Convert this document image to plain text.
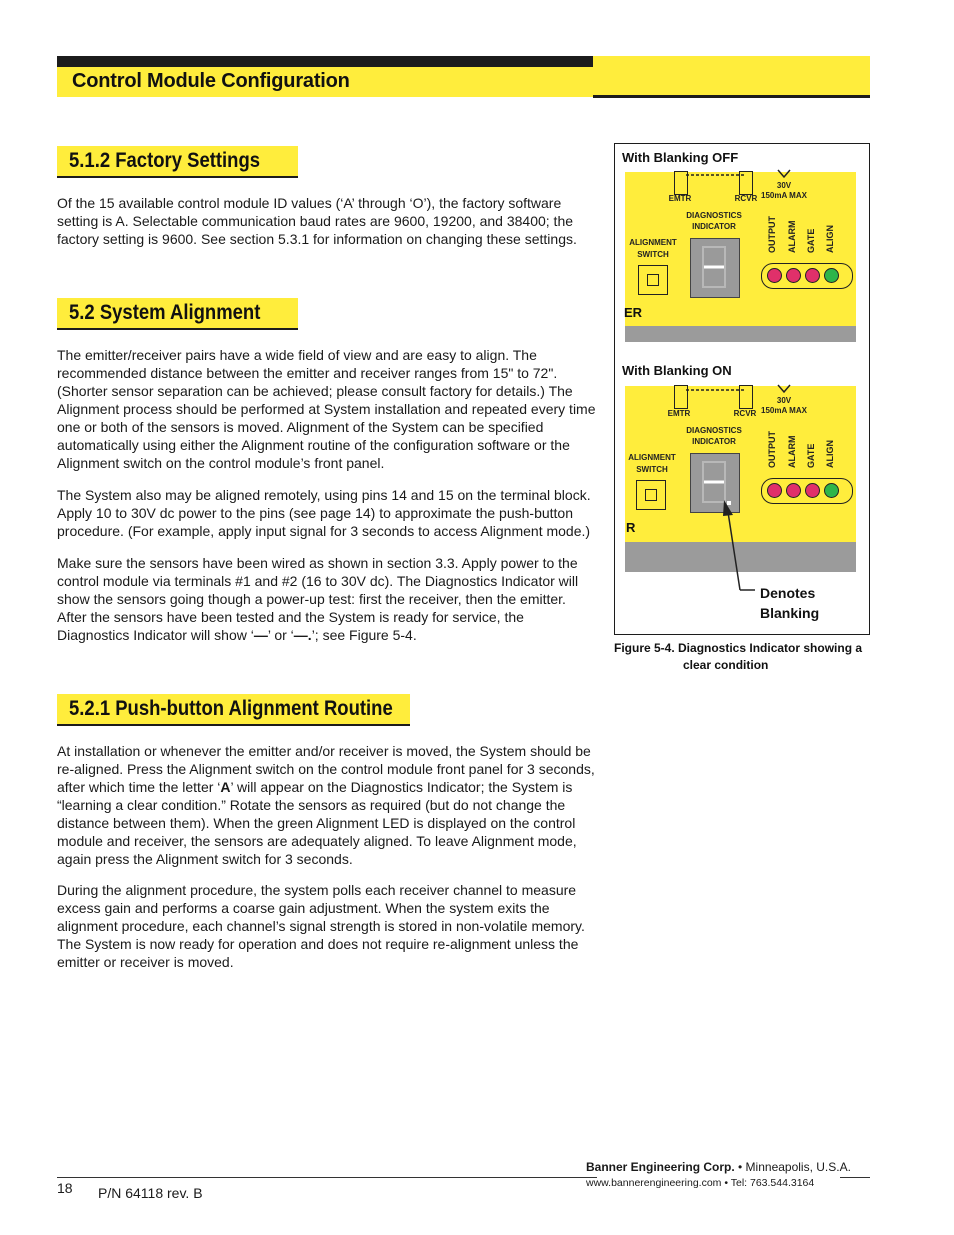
Control Module Configuration
5.1.2 Factory Settings
Of the 15 available control module ID values (‘A’ through ‘O’), the factory software setting is A. Selectable communication baud rates are 9600, 19200, and 38400; the factory setting is 9600. See section 5.3.1 for information on changing these settings.
5.2 System Alignment
The emitter/receiver pairs have a wide field of view and are easy to align. The recommended distance between the emitter and receiver ranges from 15" to 72". (Shorter sensor separation can be achieved; please consult factory for details.) The Alignment process should be performed at System installation and repeated every time one or both of the sensors is moved. Alignment of the System can be specified automatically using either the Alignment routine of the configuration software or the Alignment switch on the control module’s front panel.
The System also may be aligned remotely, using pins 14 and 15 on the terminal block. Apply 10 to 30V dc power to the pins (see page 14) to approximate the push-button procedure. (For example, apply input signal for 3 seconds to access Alignment mode.)
Make sure the sensors have been wired as shown in section 3.3. Apply power to the control module via terminals #1 and #2 (16 to 30V dc). The Diagnostics Indicator will show the sensors going though a power-up test: first the receiver, then the emitter. After the sensors have been tested and the System is ready for service, the Diagnostics Indicator will show ‘—’ or ‘—.’; see Figure 5-4.
5.2.1 Push-button Alignment Routine
At installation or whenever the emitter and/or receiver is moved, the System should be re-aligned. Press the Alignment switch on the control module front panel for 3 seconds, after which time the letter ‘A’ will appear on the Diagnostics Indicator; the System is “learning a clear condition.” Rotate the sensors as required (but do not change the distance between them). When the green Alignment LED is displayed on the control module and receiver, the sensors are adequately aligned. To leave Alignment mode, again press the Alignment switch for 3 seconds.
During the alignment procedure, the system polls each receiver channel to measure excess gain and performs a coarse gain adjustment. When the system exits the alignment procedure, each channel’s signal strength is stored in non-volatile memory. The System is now ready for operation and does not require re-alignment unless the emitter or receiver is moved.
With Blanking OFF
EMTR	RCVR
30V
150mA MAX
DIAGNOSTICS
INDICATOR
ALIGNMENT
SWITCH
OUTPUT ALARM GATE ALIGN
ER
With Blanking ON
EMTR	RCVR
30V
150mA MAX
DIAGNOSTICS
INDICATOR
ALIGNMENT
SWITCH
OUTPUT ALARM GATE ALIGN
R
Denotes
Blanking
Figure 5-4. Diagnostics Indicator showing a
clear condition
18 P/N 64118 rev. B
Banner Engineering Corp. • Minneapolis, U.S.A.
www.bannerengineering.com • Tel: 763.544.3164
